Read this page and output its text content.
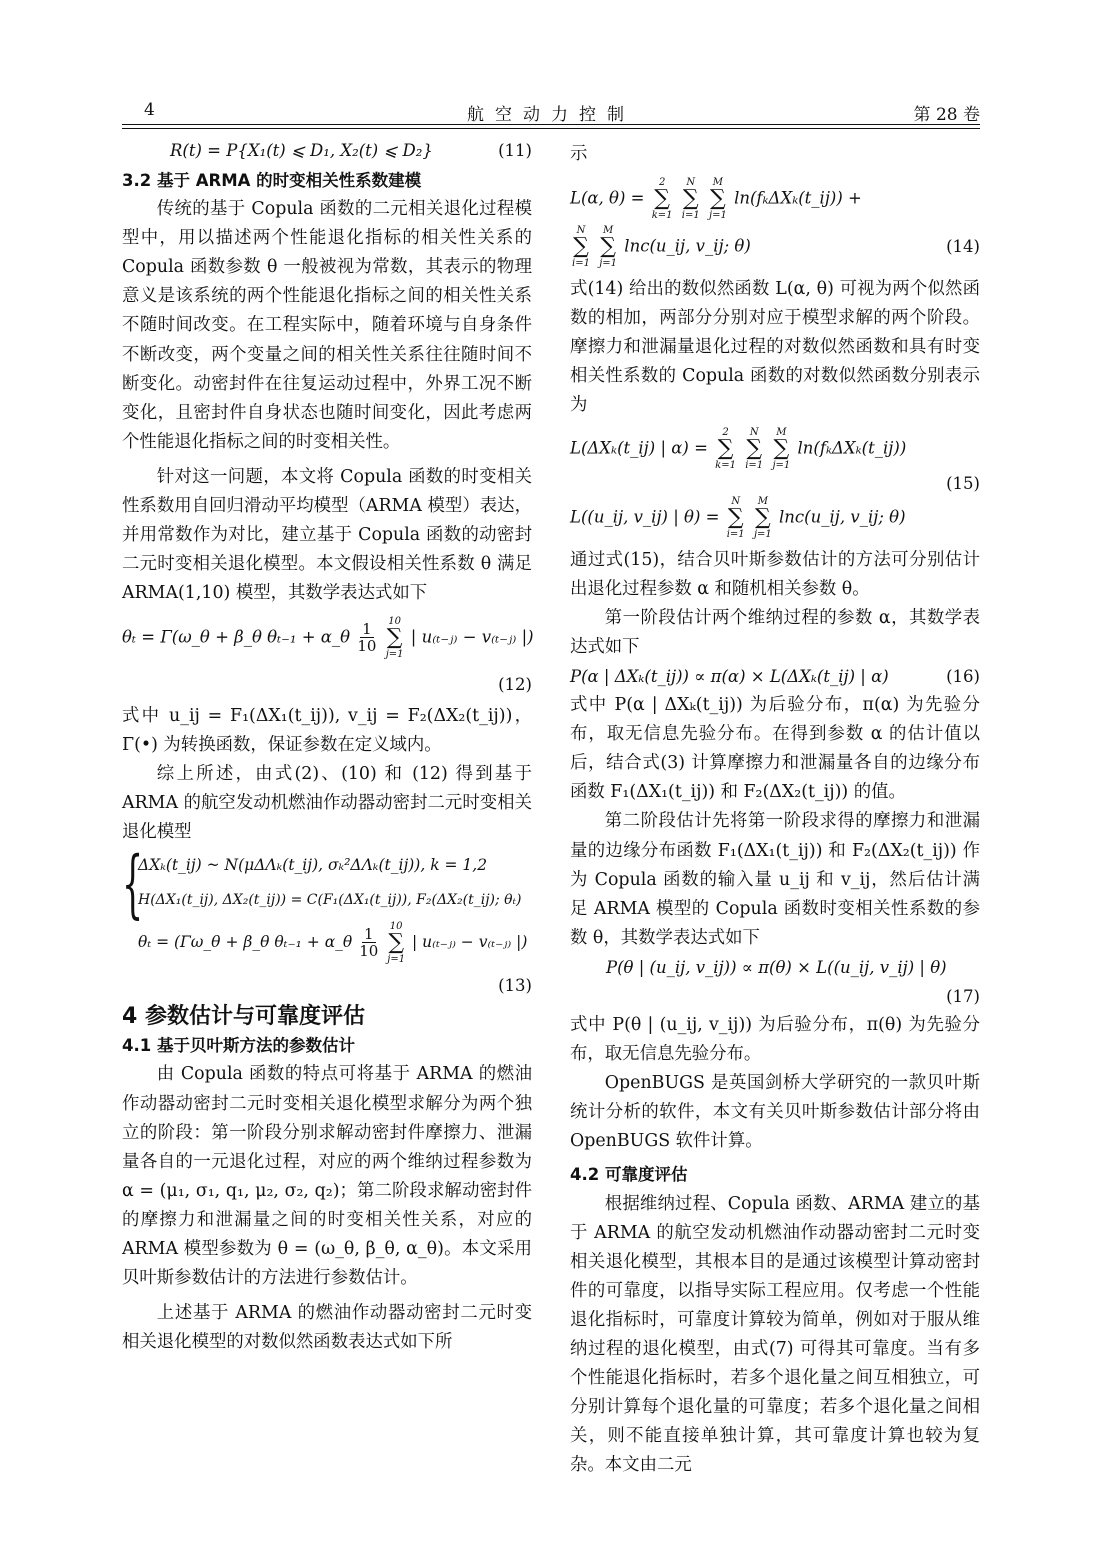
4	航空动力控制	第 28 卷
R(t) = P{X₁(t) ⩽ D₁, X₂(t) ⩽ D₂}	(11)

3.2 基于 ARMA 的时变相关性系数建模

传统的基于 Copula 函数的二元相关退化过程模型中，用以描述两个性能退化指标的相关性关系的 Copula 函数参数 θ 一般被视为常数，其表示的物理意义是该系统的两个性能退化指标之间的相关性关系不随时间改变。在工程实际中，随着环境与自身条件不断改变，两个变量之间的相关性关系往往随时间不断变化。动密封件在往复运动过程中，外界工况不断变化，且密封件自身状态也随时间变化，因此考虑两个性能退化指标之间的时变相关性。

针对这一问题，本文将 Copula 函数的时变相关性系数用自回归滑动平均模型（ARMA 模型）表达，并用常数作为对比，建立基于 Copula 函数的动密封二元时变相关退化模型。本文假设相关性系数 θ 满足 ARMA(1,10) 模型，其数学表达式如下

θₜ = Γ(ω_θ + β_θ θₜ₋₁ + α_θ $\frac{1}{10}$

10
∑
j=1
| u₍ₜ₋ⱼ₎ − v₍ₜ₋ⱼ₎ |)
(12)

式中 u_ij = F₁(ΔX₁(t_ij)), v_ij = F₂(ΔX₂(t_ij))，Γ(•) 为转换函数，保证参数在定义域内。

综上所述，由式(2)、(10) 和 (12) 得到基于 ARMA 的航空发动机燃油作动器动密封二元时变相关退化模型

{
ΔXₖ(t_ij) ~ N(μΔΛₖ(t_ij), σₖ²ΔΛₖ(t_ij)), k = 1,2
H(ΔX₁(t_ij), ΔX₂(t_ij)) = C(F₁(ΔX₁(t_ij)), F₂(ΔX₂(t_ij); θₜ)
θₜ = (Γω_θ + β_θ θₜ₋₁ + α_θ $\frac{1}{10}$

10
∑
j=1
| u₍ₜ₋ⱼ₎ − v₍ₜ₋ⱼ₎ |)
(13)

4 参数估计与可靠度评估

4.1 基于贝叶斯方法的参数估计

由 Copula 函数的特点可将基于 ARMA 的燃油作动器动密封二元时变相关退化模型求解分为两个独立的阶段：第一阶段分别求解动密封件摩擦力、泄漏量各自的一元退化过程，对应的两个维纳过程参数为 α = (μ₁, σ₁, q₁, μ₂, σ₂, q₂)；第二阶段求解动密封件的摩擦力和泄漏量之间的时变相关性关系，对应的 ARMA 模型参数为 θ = (ω_θ, β_θ, α_θ)。本文采用贝叶斯参数估计的方法进行参数估计。

上述基于 ARMA 的燃油作动器动密封二元时变相关退化模型的对数似然函数表达式如下所

示

L(α, θ) =
2
∑
k=1

N
∑
i=1

M
∑
j=1
ln(fₖΔXₖ(t_ij)) +
N
∑
i=1

M
∑
j=1
lnc(u_ij, v_ij; θ)	(14)

式(14) 给出的数似然函数 L(α, θ) 可视为两个似然函数的相加，两部分分别对应于模型求解的两个阶段。摩擦力和泄漏量退化过程的对数似然函数和具有时变相关性系数的 Copula 函数的对数似然函数分别表示为

L(ΔXₖ(t_ij) | α) =
2
∑
k=1

N
∑
i=1

M
∑
j=1
ln(fₖΔXₖ(t_ij))
(15)
L((u_ij, v_ij) | θ) =
N
∑
i=1

M
∑
j=1
lnc(u_ij, v_ij; θ)

通过式(15)，结合贝叶斯参数估计的方法可分别估计出退化过程参数 α 和随机相关参数 θ。

第一阶段估计两个维纳过程的参数 α，其数学表达式如下

P(α | ΔXₖ(t_ij)) ∝ π(α) × L(ΔXₖ(t_ij) | α)	(16)

式中 P(α | ΔXₖ(t_ij)) 为后验分布，π(α) 为先验分布，取无信息先验分布。在得到参数 α 的估计值以后，结合式(3) 计算摩擦力和泄漏量各自的边缘分布函数 F₁(ΔX₁(t_ij)) 和 F₂(ΔX₂(t_ij)) 的值。

第二阶段估计先将第一阶段求得的摩擦力和泄漏量的边缘分布函数 F₁(ΔX₁(t_ij)) 和 F₂(ΔX₂(t_ij)) 作为 Copula 函数的输入量 u_ij 和 v_ij，然后估计满足 ARMA 模型的 Copula 函数时变相关性系数的参数 θ，其数学表达式如下

P(θ | (u_ij, v_ij)) ∝ π(θ) × L((u_ij, v_ij) | θ)
(17)

式中 P(θ | (u_ij, v_ij)) 为后验分布，π(θ) 为先验分布，取无信息先验分布。

OpenBUGS 是英国剑桥大学研究的一款贝叶斯统计分析的软件，本文有关贝叶斯参数估计部分将由 OpenBUGS 软件计算。

4.2 可靠度评估

根据维纳过程、Copula 函数、ARMA 建立的基于 ARMA 的航空发动机燃油作动器动密封二元时变相关退化模型，其根本目的是通过该模型计算动密封件的可靠度，以指导实际工程应用。仅考虑一个性能退化指标时，可靠度计算较为简单，例如对于服从维纳过程的退化模型，由式(7) 可得其可靠度。当有多个性能退化指标时，若多个退化量之间互相独立，可分别计算每个退化量的可靠度；若多个退化量之间相关，则不能直接单独计算，其可靠度计算也较为复杂。本文由二元
